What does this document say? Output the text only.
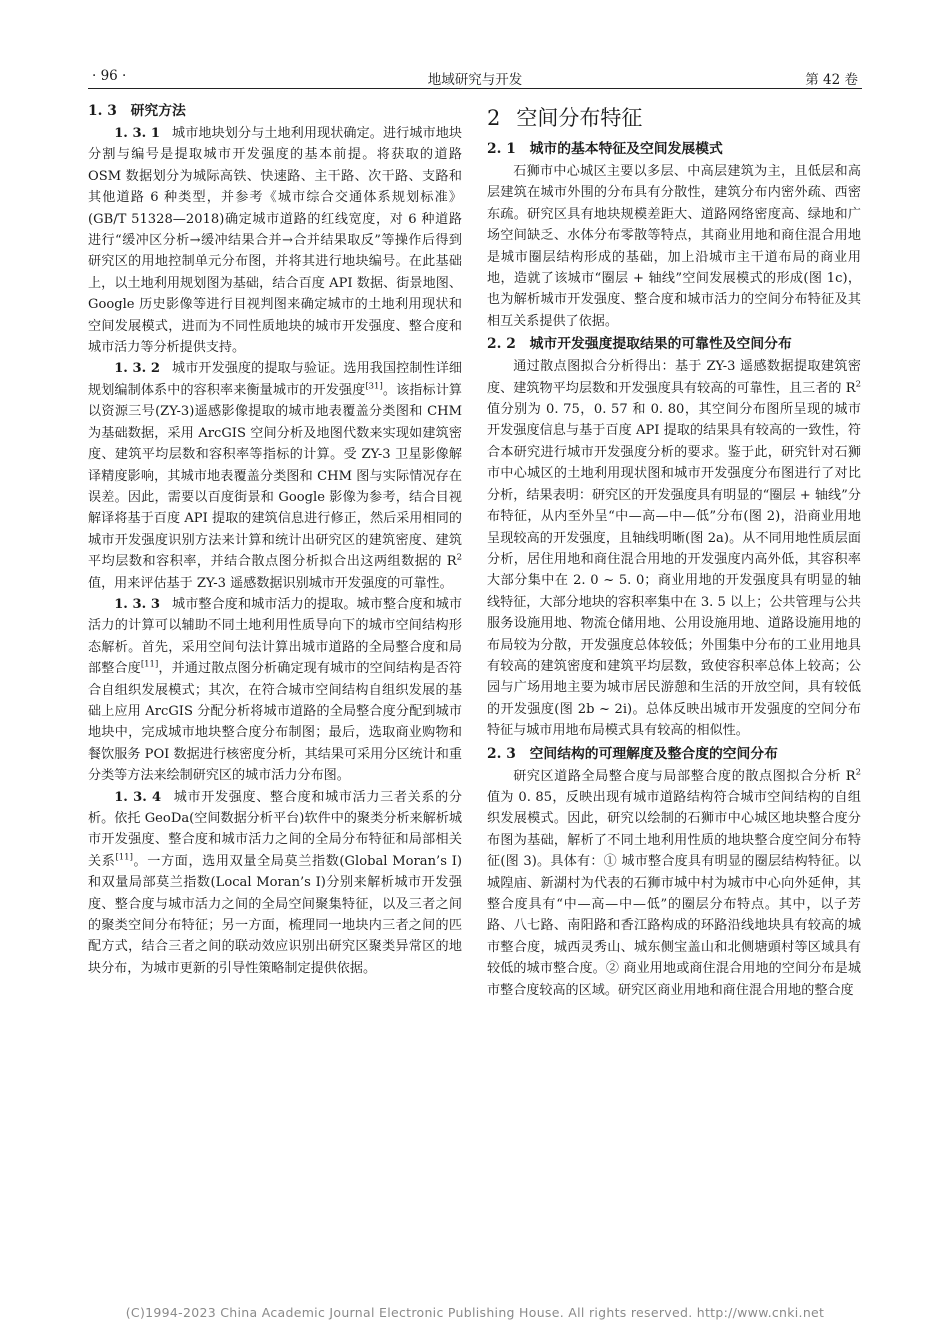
· 96 ·	地域研究与开发	第 42 卷
1. 3　研究方法

1. 3. 1 城市地块划分与土地利用现状确定。进行城市地块分割与编号是提取城市开发强度的基本前提。将获取的道路 OSM 数据划分为城际高铁、快速路、主干路、次干路、支路和其他道路 6 种类型，并参考《城市综合交通体系规划标准》(GB/T 51328—2018)确定城市道路的红线宽度，对 6 种道路进行“缓冲区分析→缓冲结果合并→合并结果取反”等操作后得到研究区的用地控制单元分布图，并将其进行地块编号。在此基础上，以土地利用规划图为基础，结合百度 API 数据、街景地图、Google 历史影像等进行目视判图来确定城市的土地利用现状和空间发展模式，进而为不同性质地块的城市开发强度、整合度和城市活力等分析提供支持。

1. 3. 2 城市开发强度的提取与验证。选用我国控制性详细规划编制体系中的容积率来衡量城市的开发强度[31]。该指标计算以资源三号(ZY-3)遥感影像提取的城市地表覆盖分类图和 CHM 为基础数据，采用 ArcGIS 空间分析及地图代数来实现如建筑密度、建筑平均层数和容积率等指标的计算。受 ZY-3 卫星影像解译精度影响，其城市地表覆盖分类图和 CHM 图与实际情况存在误差。因此，需要以百度街景和 Google 影像为参考，结合目视解译将基于百度 API 提取的建筑信息进行修正，然后采用相同的城市开发强度识别方法来计算和统计出研究区的建筑密度、建筑平均层数和容积率，并结合散点图分析拟合出这两组数据的 $R^2$ 值，用来评估基于 ZY-3 遥感数据识别城市开发强度的可靠性。

1. 3. 3 城市整合度和城市活力的提取。城市整合度和城市活力的计算可以辅助不同土地利用性质导向下的城市空间结构形态解析。首先，采用空间句法计算出城市道路的全局整合度和局部整合度[11]，并通过散点图分析确定现有城市的空间结构是否符合自组织发展模式；其次，在符合城市空间结构自组织发展的基础上应用 ArcGIS 分配分析将城市道路的全局整合度分配到城市地块中，完成城市地块整合度分布制图；最后，选取商业购物和餐饮服务 POI 数据进行核密度分析，其结果可采用分区统计和重分类等方法来绘制研究区的城市活力分布图。

1. 3. 4 城市开发强度、整合度和城市活力三者关系的分析。依托 GeoDa(空间数据分析平台)软件中的聚类分析来解析城市开发强度、整合度和城市活力之间的全局分布特征和局部相关关系[11]。一方面，选用双量全局莫兰指数(Global Moran’s I)和双量局部莫兰指数(Local Moran’s I)分别来解析城市开发强度、整合度与城市活力之间的全局空间聚集特征，以及三者之间的聚类空间分布特征；另一方面，梳理同一地块内三者之间的匹配方式，结合三者之间的联动效应识别出研究区聚类异常区的地块分布，为城市更新的引导性策略制定提供依据。

2 空间分布特征
2. 1　城市的基本特征及空间发展模式

石狮市中心城区主要以多层、中高层建筑为主，且低层和高层建筑在城市外围的分布具有分散性，建筑分布内密外疏、西密东疏。研究区具有地块规模差距大、道路网络密度高、绿地和广场空间缺乏、水体分布零散等特点，其商业用地和商住混合用地是城市圈层结构形成的基础，加上沿城市主干道布局的商业用地，造就了该城市“圈层 + 轴线”空间发展模式的形成(图 1c)，也为解析城市开发强度、整合度和城市活力的空间分布特征及其相互关系提供了依据。

2. 2　城市开发强度提取结果的可靠性及空间分布

通过散点图拟合分析得出：基于 ZY-3 遥感数据提取建筑密度、建筑物平均层数和开发强度具有较高的可靠性，且三者的 $R^2$ 值分别为 0. 75，0. 57 和 0. 80，其空间分布图所呈现的城市开发强度信息与基于百度 API 提取的结果具有较高的一致性，符合本研究进行城市开发强度分析的要求。鉴于此，研究针对石狮市中心城区的土地利用现状图和城市开发强度分布图进行了对比分析，结果表明：研究区的开发强度具有明显的“圈层 + 轴线”分布特征，从内至外呈“中—高—中—低”分布(图 2)，沿商业用地呈现较高的开发强度，且轴线明晰(图 2a)。从不同用地性质层面分析，居住用地和商住混合用地的开发强度内高外低，其容积率大部分集中在 2. 0 ~ 5. 0；商业用地的开发强度具有明显的轴线特征，大部分地块的容积率集中在 3. 5 以上；公共管理与公共服务设施用地、物流仓储用地、公用设施用地、道路设施用地的布局较为分散，开发强度总体较低；外围集中分布的工业用地具有较高的建筑密度和建筑平均层数，致使容积率总体上较高；公园与广场用地主要为城市居民游憩和生活的开放空间，具有较低的开发强度(图 2b ~ 2i)。总体反映出城市开发强度的空间分布特征与城市用地布局模式具有较高的相似性。

2. 3　空间结构的可理解度及整合度的空间分布

研究区道路全局整合度与局部整合度的散点图拟合分析 $R^2$ 值为 0. 85，反映出现有城市道路结构符合城市空间结构的自组织发展模式。因此，研究以绘制的石狮市中心城区地块整合度分布图为基础，解析了不同土地利用性质的地块整合度空间分布特征(图 3)。具体有：① 城市整合度具有明显的圈层结构特征。以城隍庙、新湖村为代表的石狮市城中村为城市中心向外延伸，其整合度具有“中—高—中—低”的圈层分布特点。其中，以子芳路、八七路、南阳路和香江路构成的环路沿线地块具有较高的城市整合度，城西灵秀山、城东侧宝盖山和北侧塘頭村等区域具有较低的城市整合度。② 商业用地或商住混合用地的空间分布是城市整合度较高的区域。研究区商业用地和商住混合用地的整合度

(C)1994-2023 China Academic Journal Electronic Publishing House. All rights reserved. http://www.cnki.net
